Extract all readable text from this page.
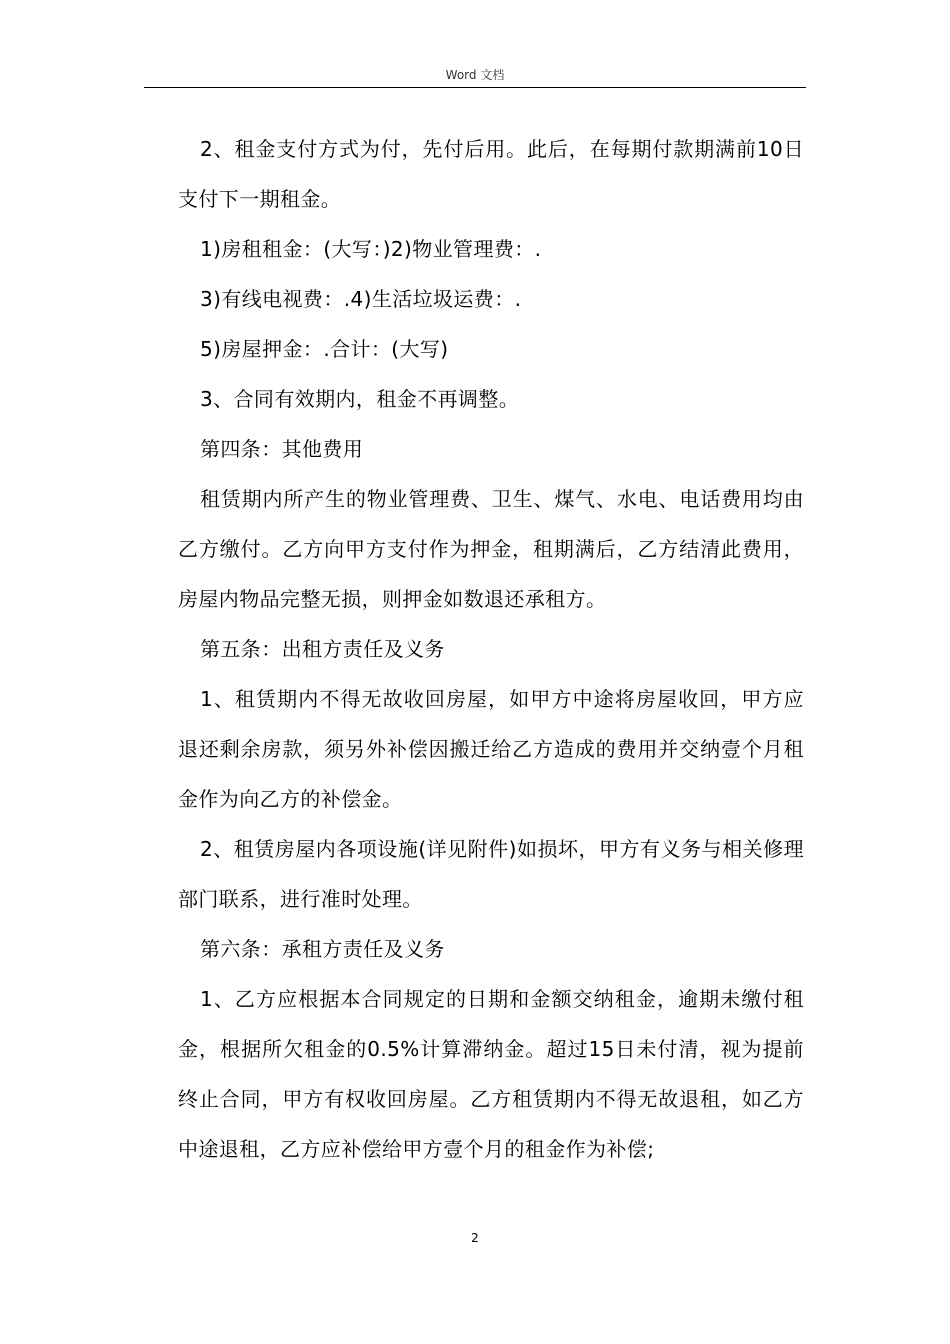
Word 文档

2、租金支付方式为付，先付后用。此后，在每期付款期满前10日支付下一期租金。

1)房租租金：(大写：)2)物业管理费：.

3)有线电视费：.4)生活垃圾运费：.

5)房屋押金：.合计：(大写)

3、合同有效期内，租金不再调整。

第四条：其他费用

租赁期内所产生的物业管理费、卫生、煤气、水电、电话费用均由乙方缴付。乙方向甲方支付作为押金，租期满后，乙方结清此费用，房屋内物品完整无损，则押金如数退还承租方。

第五条：出租方责任及义务

1、租赁期内不得无故收回房屋，如甲方中途将房屋收回，甲方应退还剩余房款，须另外补偿因搬迁给乙方造成的费用并交纳壹个月租金作为向乙方的补偿金。

2、租赁房屋内各项设施(详见附件)如损坏，甲方有义务与相关修理部门联系，进行准时处理。

第六条：承租方责任及义务

1、乙方应根据本合同规定的日期和金额交纳租金，逾期未缴付租金，根据所欠租金的0.5%计算滞纳金。超过15日未付清，视为提前终止合同，甲方有权收回房屋。乙方租赁期内不得无故退租，如乙方中途退租，乙方应补偿给甲方壹个月的租金作为补偿;

2
